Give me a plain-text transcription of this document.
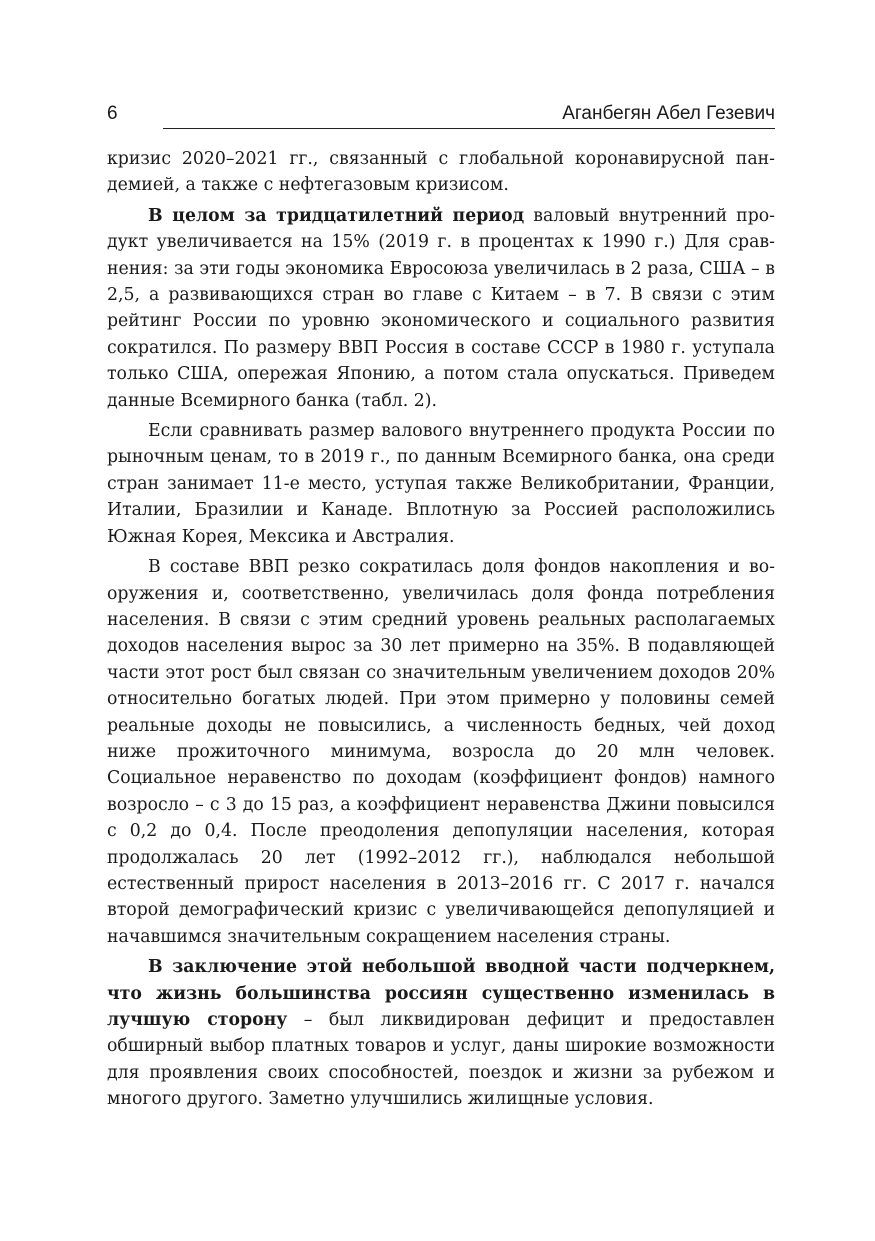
6	Аганбегян Абел Гезевич

кризис 2020–2021 гг., связанный с глобальной коронавирусной пандемией, а также с нефтегазовым кризисом.

В целом за тридцатилетний период валовый внутренний продукт увеличивается на 15% (2019 г. в процентах к 1990 г.) Для сравнения: за эти годы экономика Евросоюза увеличилась в 2 раза, США – в 2,5, а развивающихся стран во главе с Китаем – в 7. В связи с этим рейтинг России по уровню экономического и социального развития сократился. По размеру ВВП Россия в составе СССР в 1980 г. уступала только США, опережая Японию, а потом стала опускаться. Приведем данные Всемирного банка (табл. 2).

Если сравнивать размер валового внутреннего продукта России по рыночным ценам, то в 2019 г., по данным Всемирного банка, она среди стран занимает 11-е место, уступая также Великобритании, Франции, Италии, Бразилии и Канаде. Вплотную за Россией расположились Южная Корея, Мексика и Австралия.

В составе ВВП резко сократилась доля фондов накопления и вооружения и, соответственно, увеличилась доля фонда потребления населения. В связи с этим средний уровень реальных располагаемых доходов населения вырос за 30 лет примерно на 35%. В подавляющей части этот рост был связан со значительным увеличением доходов 20% относительно богатых людей. При этом примерно у половины семей реальные доходы не повысились, а численность бедных, чей доход ниже прожиточного минимума, возросла до 20 млн человек. Социальное неравенство по доходам (коэффициент фондов) намного возросло – с 3 до 15 раз, а коэффициент неравенства Джини повысился с 0,2 до 0,4. После преодоления депопуляции населения, которая продолжалась 20 лет (1992–2012 гг.), наблюдался небольшой естественный прирост населения в 2013–2016 гг. С 2017 г. начался второй демографический кризис с увеличивающейся депопуляцией и начавшимся значительным сокращением населения страны.

В заключение этой небольшой вводной части подчеркнем, что жизнь большинства россиян существенно изменилась в лучшую сторону – был ликвидирован дефицит и предоставлен обширный выбор платных товаров и услуг, даны широкие возможности для проявления своих способностей, поездок и жизни за рубежом и многого другого. Заметно улучшились жилищные условия.
